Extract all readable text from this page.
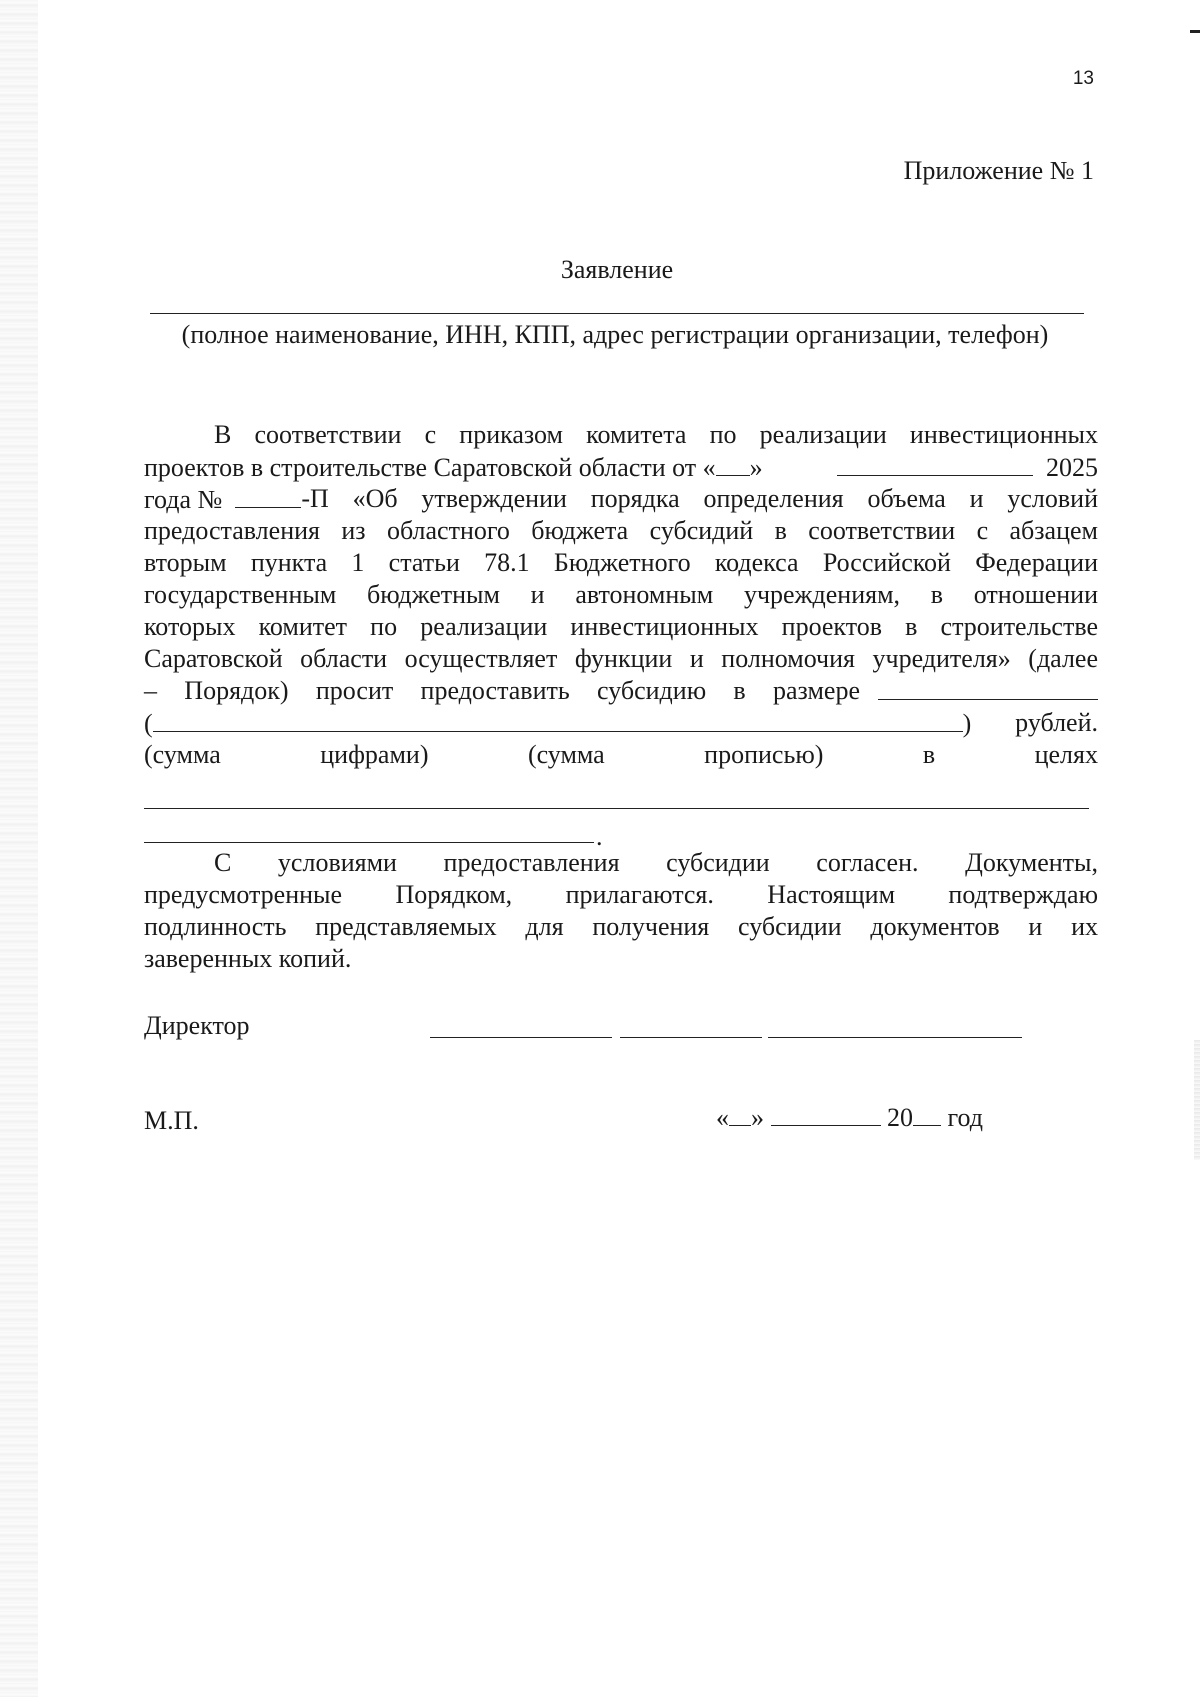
13
Приложение № 1
Заявление
(полное наименование, ИНН, КПП, адрес регистрации организации, телефон)
В соответствии с приказом комитета по реализации инвестиционных
проектов в строительстве Саратовской области от « »	2025
года №	-П «Об утверждении порядка определения объема и условий
предоставления из областного бюджета субсидий в соответствии с абзацем
вторым пункта 1 статьи 78.1 Бюджетного кодекса Российской Федерации
государственным бюджетным и автономным учреждениям, в отношении
которых комитет по реализации инвестиционных проектов в строительстве
Саратовской области осуществляет функции и полномочия учредителя» (далее
– Порядок) просит предоставить субсидию в размере
(	) рублей.
(сумма цифрами) (сумма прописью) в целях
.
С условиями предоставления субсидии согласен. Документы,
предусмотренные Порядком, прилагаются. Настоящим подтверждаю
подлинность представляемых для получения субсидии документов и их
заверенных копий.
Директор
М.П.	« »	20 год
